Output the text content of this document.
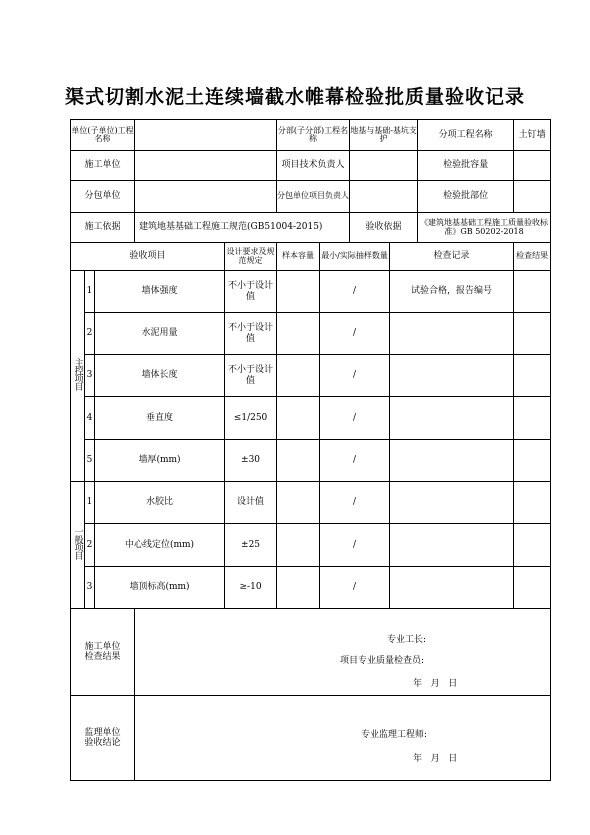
渠式切割水泥土连续墙截水帷幕检验批质量验收记录
单位(子单位)工程名称					分部(子分部)工程名称		地基与基础-基坑支护		分项工程名称	土钉墙
施工单位					项目技术负责人				检验批容量	
分包单位					分包单位项目负责人				检验批部位	
施工依据			建筑地基基础工程施工规范(GB51004-2015)				验收依据		《建筑地基基础工程施工质量验收标准》GB 50202-2018	
验收项目				设计要求及规范规定	样本容量	最小/实际抽样数量		检查记录		检查结果
主控项目	1	墙体强度		不小于设计值		/		试验合格，报告编号		
	2	水泥用量		不小于设计值		/				
	3	墙体长度		不小于设计值		/				
	4	垂直度		≤1/250		/				
	5	墙厚(mm)		±30		/				
一般项目	1	水胶比		设计值		/				
	2	中心线定位(mm)		±25		/				
	3	墙顶标高(mm)		≥-10		/				

施工单位检查结果			专业工长:
项目专业质量检查员:
年   月   日							

监理单位验收结论			专业监理工程师:
年   月   日							
